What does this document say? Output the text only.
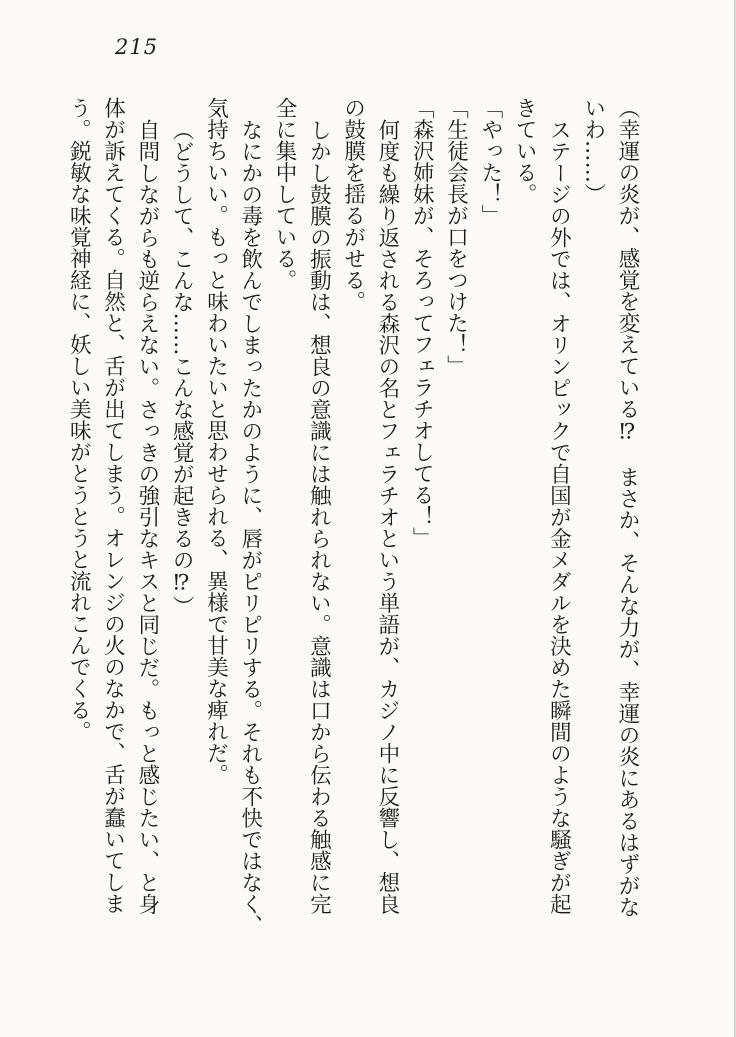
215
（幸運の炎が、感覚を変えている⁉　まさか、そんな力が、幸運の炎にあるはずがな
いわ……）
ステージの外では、オリンピックで自国が金メダルを決めた瞬間のような騒ぎが起
きている。
「やった！」
「生徒会長が口をつけた！」
「森沢姉妹が、そろってフェラチオしてる！」
何度も繰り返される森沢の名とフェラチオという単語が、カジノ中に反響し、想良
の鼓膜を揺るがせる。
しかし鼓膜の振動は、想良の意識には触れられない。意識は口から伝わる触感に完
全に集中している。
なにかの毒を飲んでしまったかのように、唇がピリピリする。それも不快ではなく、
気持ちいい。もっと味わいたいと思わせられる、異様で甘美な痺れだ。
（どうして、こんな……こんな感覚が起きるの⁉）
自問しながらも逆らえない。さっきの強引なキスと同じだ。もっと感じたい、と身
体が訴えてくる。自然と、舌が出てしまう。オレンジの火のなかで、舌が蠢いてしま
う。鋭敏な味覚神経に、妖しい美味がとうとうと流れこんでくる。
